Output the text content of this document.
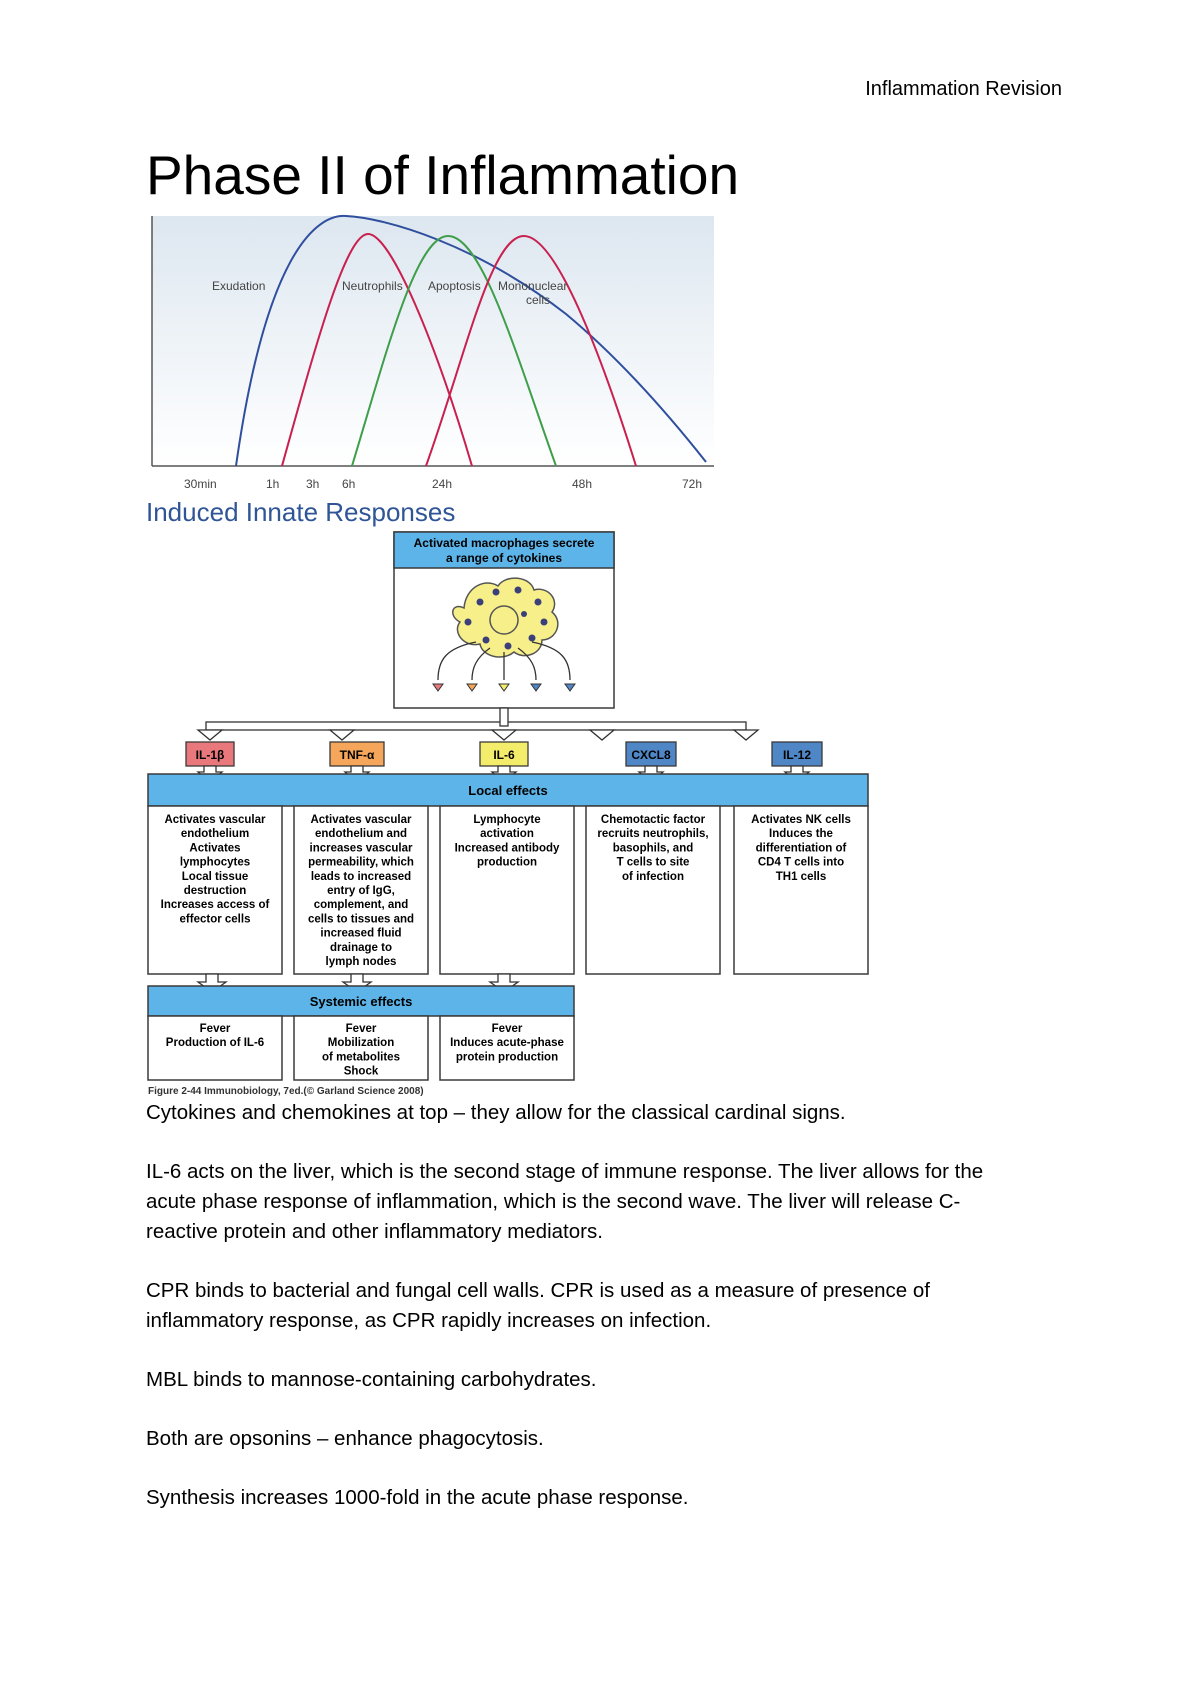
Inflammation Revision
Phase II of Inflammation
Exudation	Neutrophils Apoptosis Mononuclear
cells
30min	1h 3h 6h	24h	48h	72h
Induced Innate Responses
Activated macrophages secrete
a range of cytokines
IL-1β	TNF-α	IL-6	CXCL8	IL-12
Local effects
Activates vascular
endothelium
Activates
lymphocytes
Local tissue
destruction
Increases access of
effector cells
Activates vascular
endothelium and
increases vascular
permeability, which
leads to increased
entry of IgG,
complement, and
cells to tissues and
increased fluid
drainage to
lymph nodes
Lymphocyte
activation
Increased antibody
production
Chemotactic factor
recruits neutrophils,
basophils, and
T cells to site
of infection
Activates NK cells
Induces the
differentiation of
CD4 T cells into
TH1 cells
Systemic effects
Fever
Production of IL-6
Fever
Mobilization
of metabolites
Shock
Fever
Induces acute-phase
protein production
Figure 2-44 Immunobiology, 7ed.(© Garland Science 2008)

Cytokines and chemokines at top – they allow for the classical cardinal signs.

IL-6 acts on the liver, which is the second stage of immune response. The liver allows for the

acute phase response of inflammation, which is the second wave. The liver will release C-

reactive protein and other inflammatory mediators.

CPR binds to bacterial and fungal cell walls. CPR is used as a measure of presence of

inflammatory response, as CPR rapidly increases on infection.

MBL binds to mannose-containing carbohydrates.

Both are opsonins – enhance phagocytosis.

Synthesis increases 1000-fold in the acute phase response.
